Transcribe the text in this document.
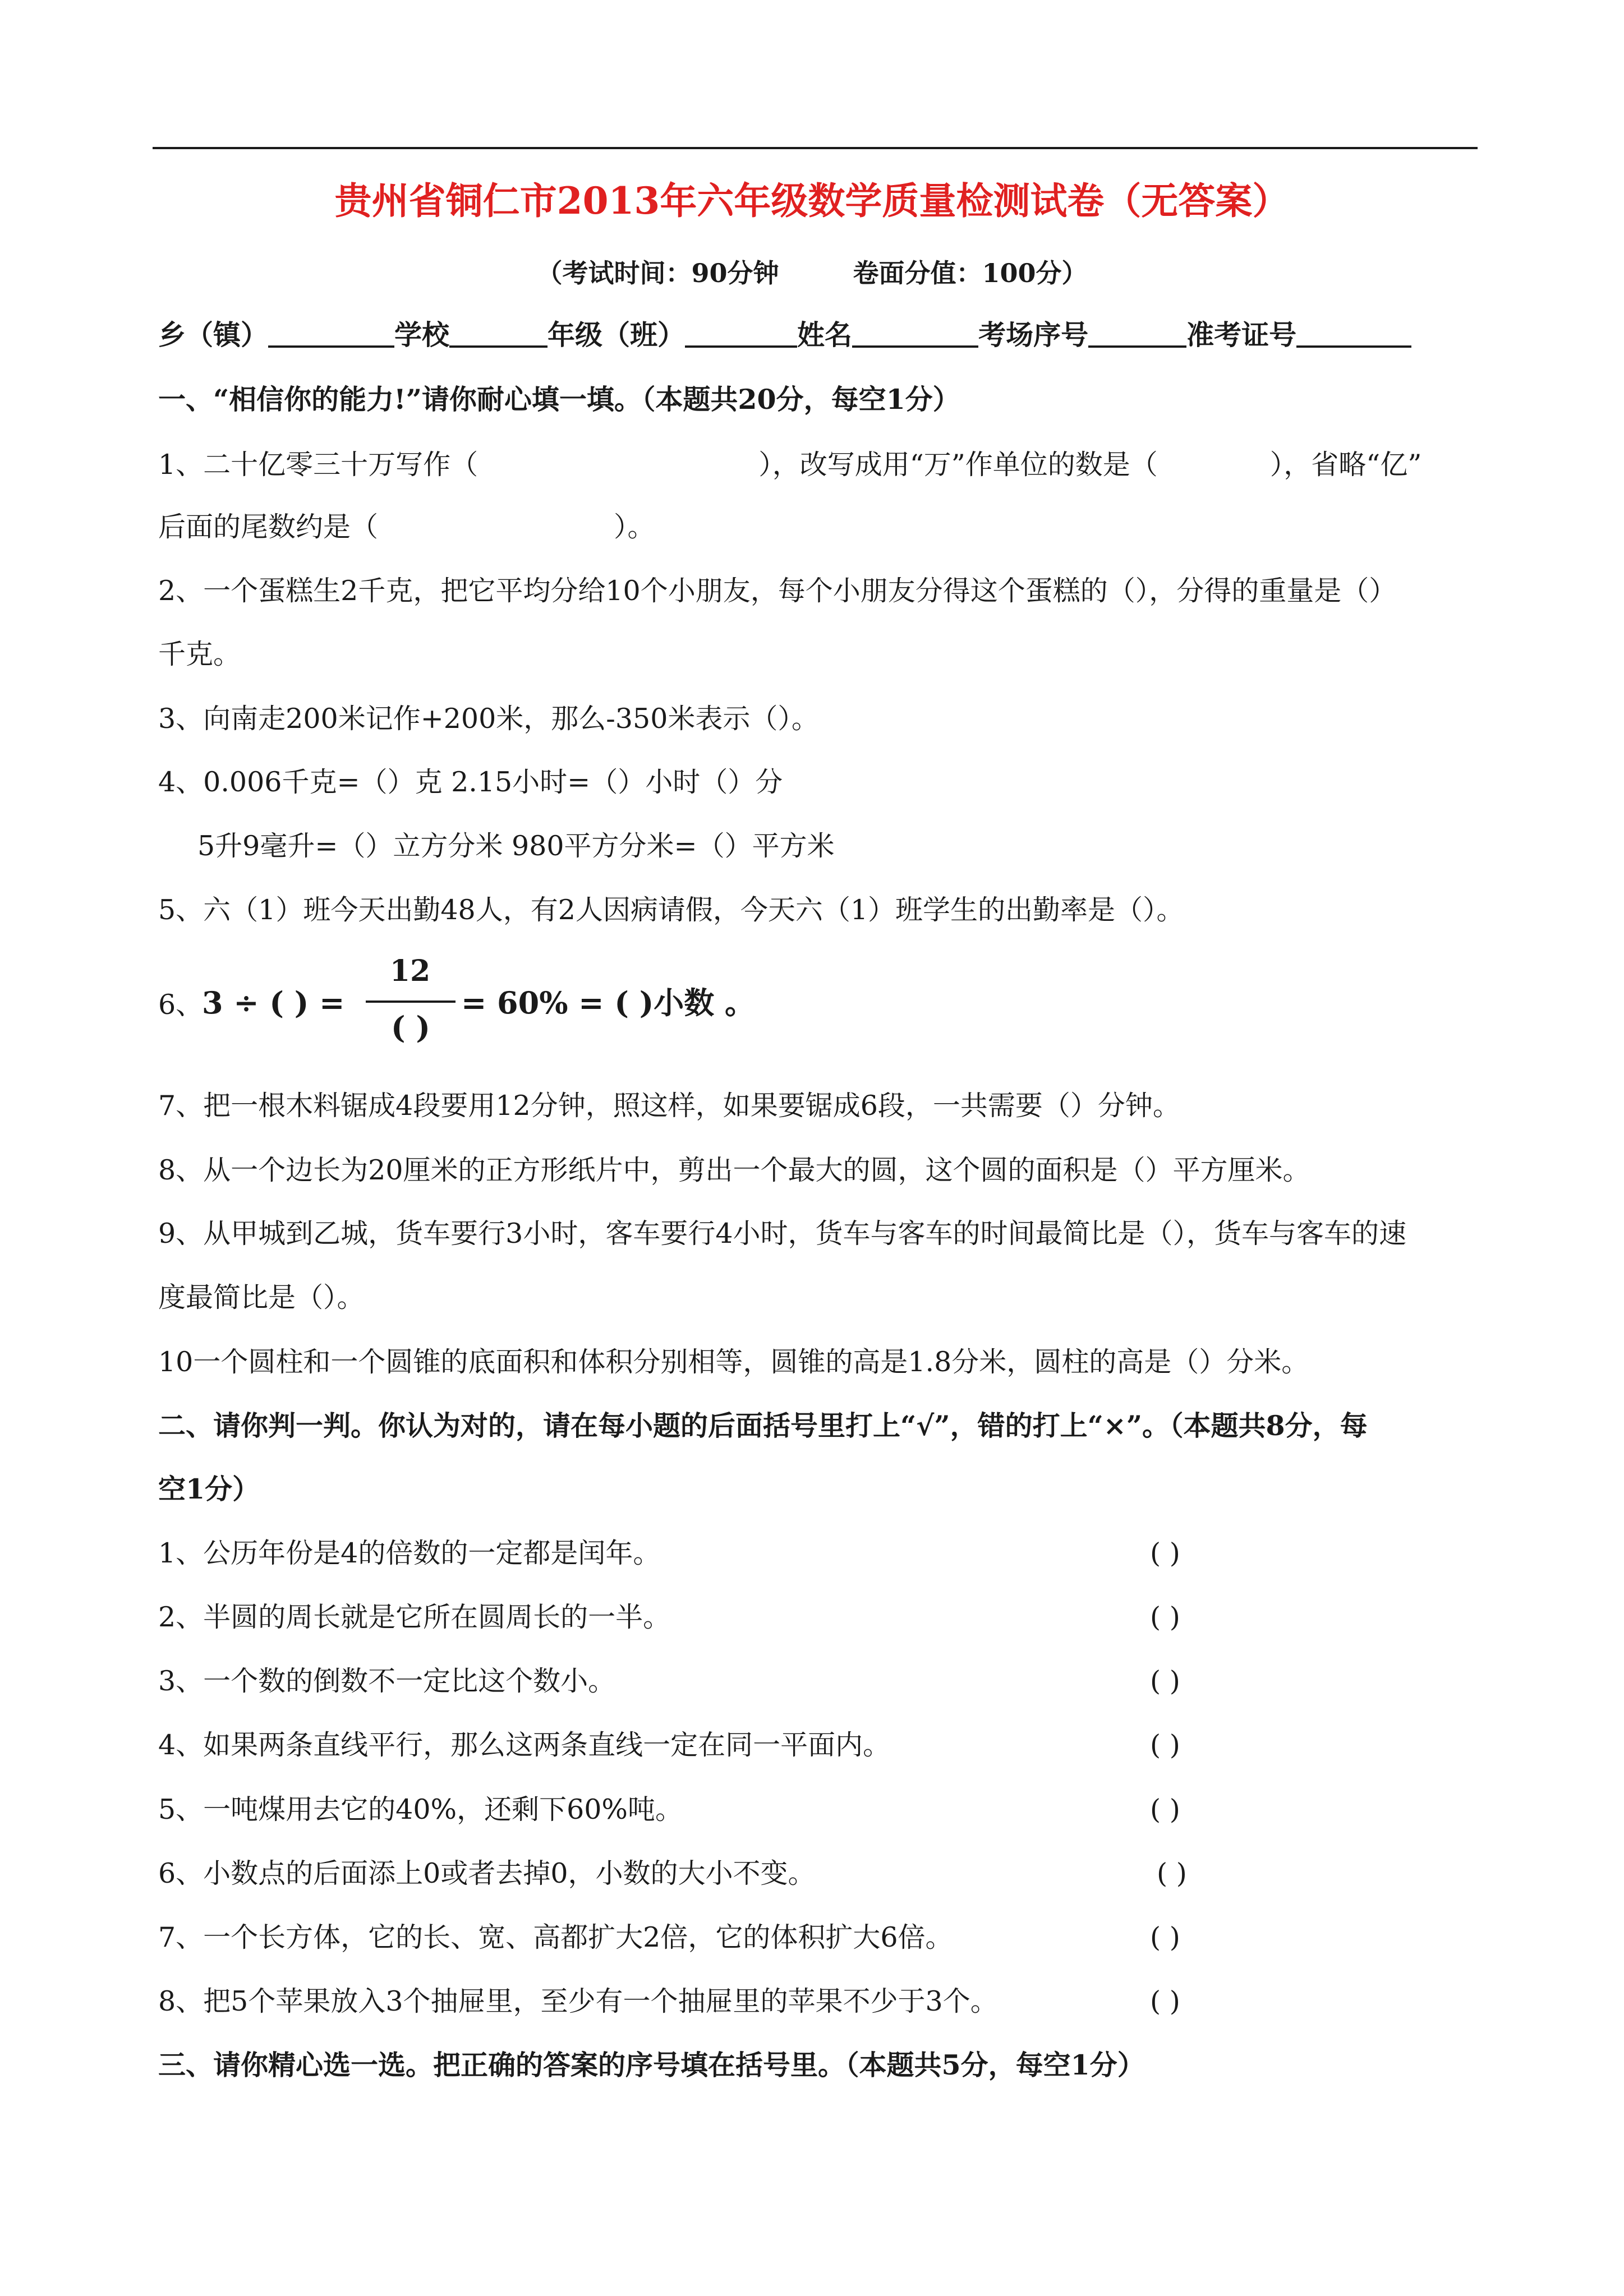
贵州省铜仁市2013年六年级数学质量检测试卷（无答案）
（考试时间：90分钟	卷面分值：100分）
乡（镇）	学校	年级（班）	姓名	考场序号	准考证号
一、“相信你的能力!”请你耐心填一填。（本题共20分，每空1分）
1、二十亿零三十万写作（	），改写成用“万”作单位的数是（	），省略“亿”
后面的尾数约是（	）。
2、一个蛋糕生2千克，把它平均分给10个小朋友，每个小朋友分得这个蛋糕的（），分得的重量是（）
千克。
3、向南走200米记作+200米，那么-350米表示（）。
4、0.006千克=（）克 2.15小时=（）小时（）分
5升9毫升=（）立方分米 980平方分米=（）平方米
5、六（1）班今天出勤48人，有2人因病请假，今天六（1）班学生的出勤率是（）。
6、
3 ÷ ( ) =
12
( )
= 60% = ( )小数 。
7、把一根木料锯成4段要用12分钟，照这样，如果要锯成6段，一共需要（）分钟。
8、从一个边长为20厘米的正方形纸片中，剪出一个最大的圆，这个圆的面积是（）平方厘米。
9、从甲城到乙城，货车要行3小时，客车要行4小时，货车与客车的时间最简比是（），货车与客车的速
度最简比是（）。
10一个圆柱和一个圆锥的底面积和体积分别相等，圆锥的高是1.8分米，圆柱的高是（）分米。
二、请你判一判。你认为对的，请在每小题的后面括号里打上“√”，错的打上“×”。（本题共8分，每
空1分）
1、公历年份是4的倍数的一定都是闰年。	( )
2、半圆的周长就是它所在圆周长的一半。	( )
3、一个数的倒数不一定比这个数小。	( )
4、如果两条直线平行，那么这两条直线一定在同一平面内。	( )
5、一吨煤用去它的40%，还剩下60%吨。	( )
6、小数点的后面添上0或者去掉0，小数的大小不变。	( )
7、一个长方体，它的长、宽、高都扩大2倍，它的体积扩大6倍。	( )
8、把5个苹果放入3个抽屉里，至少有一个抽屉里的苹果不少于3个。	( )
三、请你精心选一选。把正确的答案的序号填在括号里。（本题共5分，每空1分）
